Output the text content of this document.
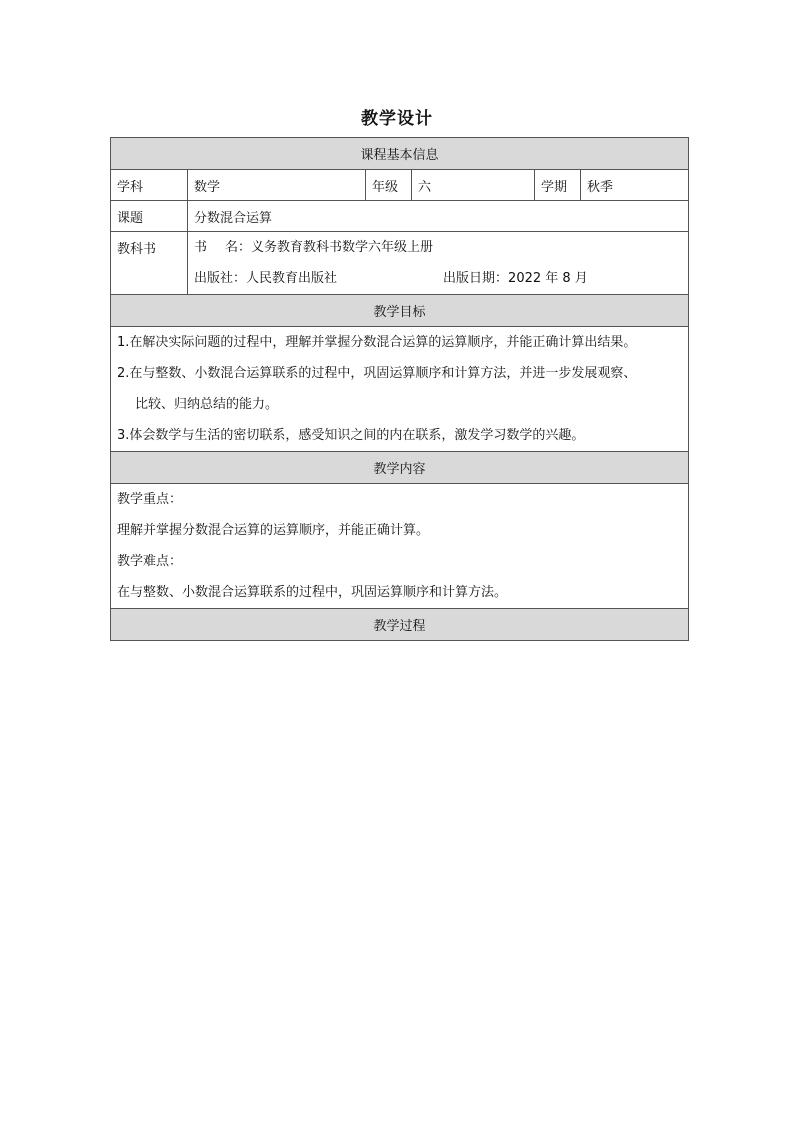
教学设计
课程基本信息					
学科	数学	年级	六	学期	秋季
课题	分数混合运算				
教科书	书 名：义务教育教科书数学六年级上册
出版社： 人民教育出版社 出版日期： 2022 年 8 月				

教学目标					

1.在解决实际问题的过程中，理解并掌握分数混合运算的运算顺序，并能正确计算出结果。
2.在与整数、小数混合运算联系的过程中，巩固运算顺序和计算方法，并进一步发展观察、
比较、归纳总结的能力。
3.体会数学与生活的密切联系，感受知识之间的内在联系，激发学习数学的兴趣。					

教学内容					

教学重点：
理解并掌握分数混合运算的运算顺序，并能正确计算。
教学难点：
在与整数、小数混合运算联系的过程中，巩固运算顺序和计算方法。					

教学过程					
